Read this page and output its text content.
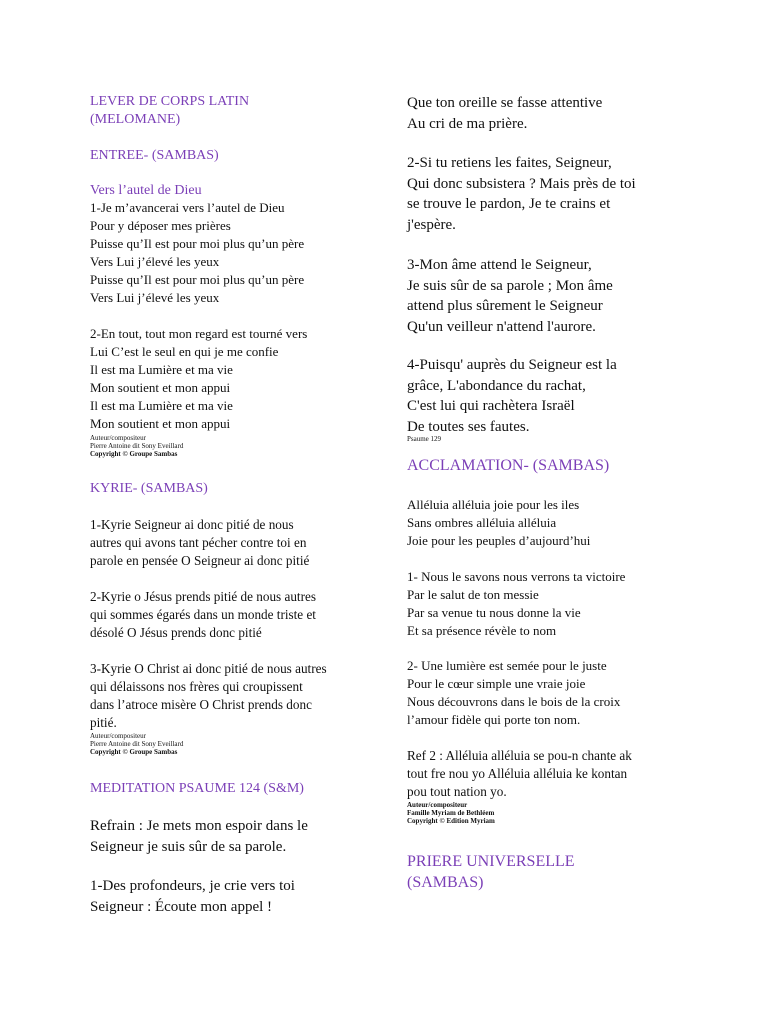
LEVER DE CORPS LATIN
(MELOMANE)
ENTREE- (SAMBAS)
Vers l’autel de Dieu
1-Je m’avancerai vers l’autel de Dieu
Pour y déposer mes prières
Puisse qu’Il est pour moi plus qu’un père
Vers Lui j’élevé les yeux
Puisse qu’Il est pour moi plus qu’un père
Vers Lui j’élevé les yeux
2-En tout, tout mon regard est tourné vers
Lui C’est le seul en qui je me confie
Il est ma Lumière et ma vie
Mon soutient et mon appui
Il est ma Lumière et ma vie
Mon soutient et mon appui
Auteur/compositeur
Pierre Antoine dit Sony Eveillard
Copyright © Groupe Sambas
KYRIE- (SAMBAS)
1-Kyrie Seigneur ai donc pitié de nous
autres qui avons tant pécher contre toi en
parole en pensée O Seigneur ai donc pitié
2-Kyrie o Jésus prends pitié de nous autres
qui sommes égarés dans un monde triste et
désolé O Jésus prends donc pitié
3-Kyrie O Christ ai donc pitié de nous autres
qui délaissons nos frères qui croupissent
dans l’atroce misère O Christ prends donc
pitié.
Auteur/compositeur
Pierre Antoine dit Sony Eveillard
Copyright © Groupe Sambas
MEDITATION PSAUME 124 (S&M)
Refrain : Je mets mon espoir dans le
Seigneur je suis sûr de sa parole.
1-Des profondeurs, je crie vers toi
Seigneur : Écoute mon appel !
Que ton oreille se fasse attentive
Au cri de ma prière.
2-Si tu retiens les faites, Seigneur,
Qui donc subsistera ? Mais près de toi
se trouve le pardon, Je te crains et
j'espère.
3-Mon âme attend le Seigneur,
Je suis sûr de sa parole ; Mon âme
attend plus sûrement le Seigneur
Qu'un veilleur n'attend l'aurore.
4-Puisqu' auprès du Seigneur est la
grâce, L'abondance du rachat,
C'est lui qui rachètera Israël
De toutes ses fautes.
Psaume 129
ACCLAMATION- (SAMBAS)
Alléluia alléluia joie pour les iles
Sans ombres alléluia alléluia
Joie pour les peuples d’aujourd’hui
1- Nous le savons nous verrons ta victoire
Par le salut de ton messie
Par sa venue tu nous donne la vie
Et sa présence révèle to nom
2- Une lumière est semée pour le juste
Pour le cœur simple une vraie joie
Nous découvrons dans le bois de la croix
l’amour fidèle qui porte ton nom.
Ref 2 : Alléluia alléluia se pou-n chante ak
tout fre nou yo Alléluia alléluia ke kontan
pou tout nation yo.
Auteur/compositeur
Famille Myriam de Bethléem
Copyright © Edition Myriam
PRIERE UNIVERSELLE
(SAMBAS)
